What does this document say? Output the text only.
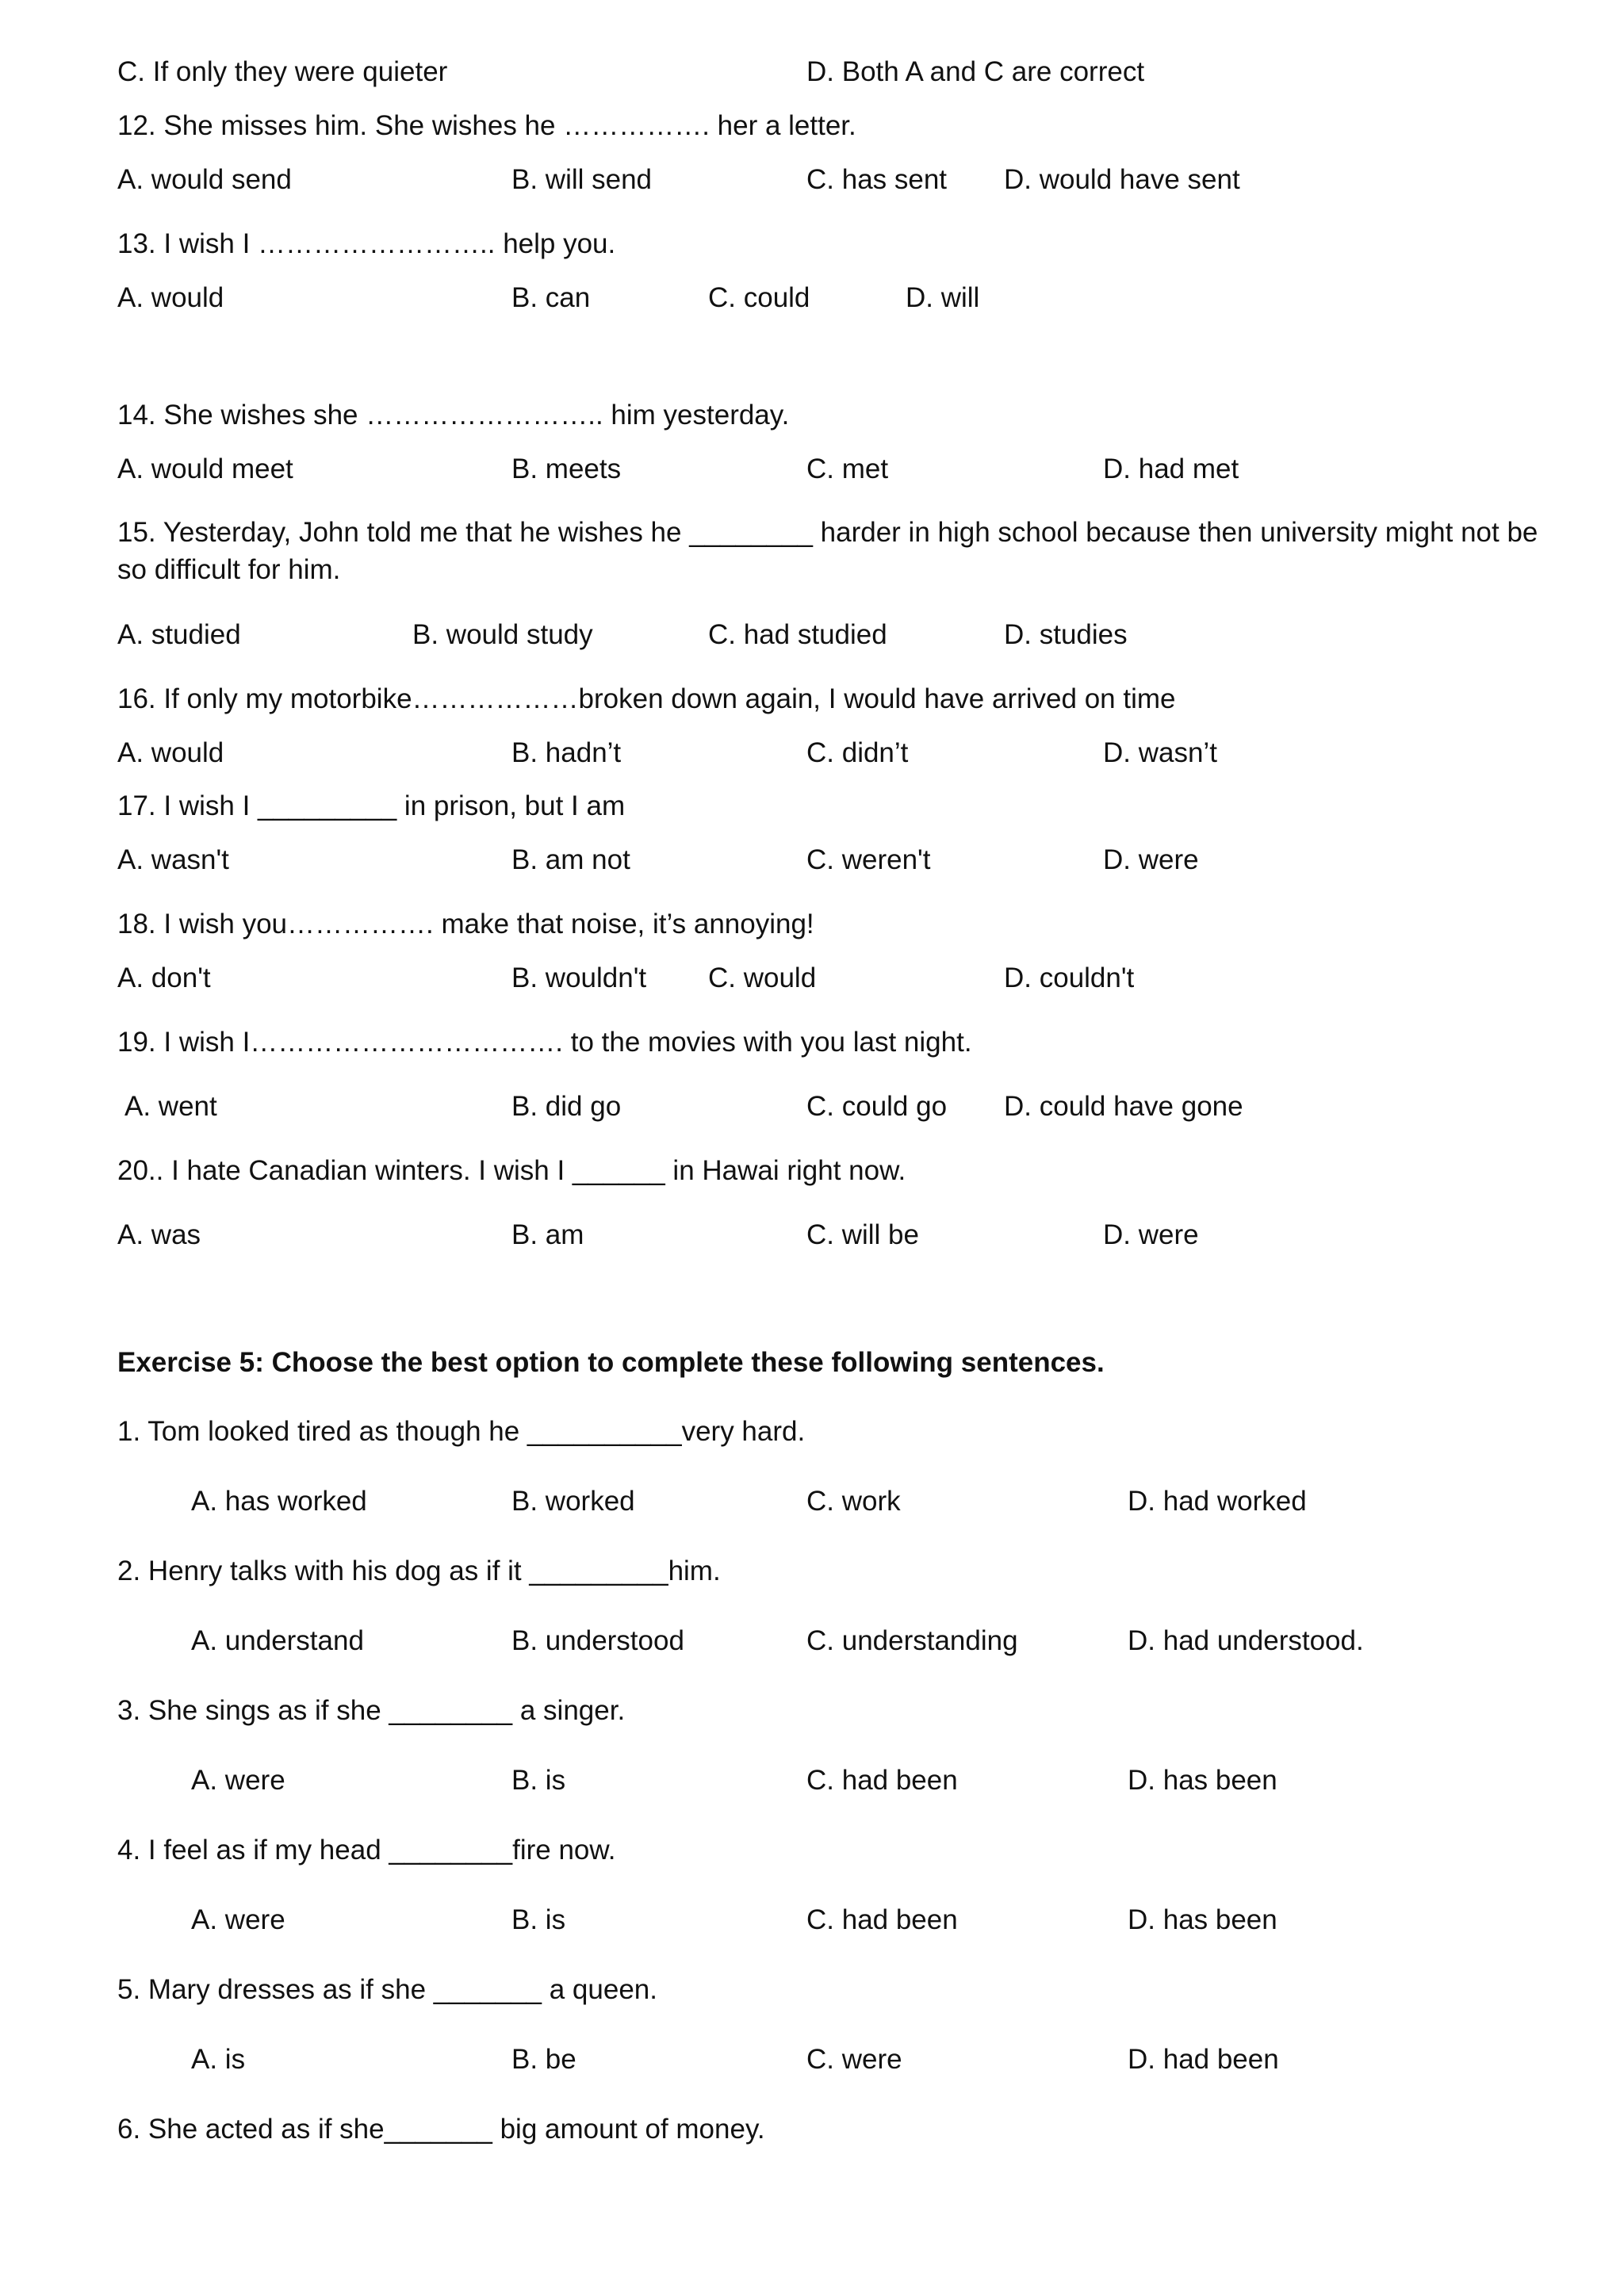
C. If only they were quieter	D. Both A and C are correct
12. She misses him. She wishes he ……………. her a letter.
A. would send	B. will send	C. has sent D. would have sent
13. I wish I …………………….. help you.
A. would	B. can	C. could	D. will
14. She wishes she …………………….. him yesterday.
A. would meet	B. meets	C. met	D. had met
15. Yesterday, John told me that he wishes he ________ harder in high school because then university might not be so difficult for him.
A. studied	B. would study	C. had studied	D. studies
16. If only my motorbike………………broken down again, I would have arrived on time
A. would	B. hadn’t	C. didn’t	D. wasn’t
17. I wish I _________ in prison, but I am
A. wasn't	B. am not	C. weren't	D. were
18. I wish you……………. make that noise, it’s annoying!
A. don't	B. wouldn't C. would	D. couldn't
19. I wish I……………………………. to the movies with you last night.
A. went	B. did go	C. could go D. could have gone
20.. I hate Canadian winters. I wish I ______ in Hawai right now.
A. was	B. am	C. will be	D. were
Exercise 5: Choose the best option to complete these following sentences.
1. Tom looked tired as though he __________very hard.
A. has worked	B. worked	C. work	D. had worked
2. Henry talks with his dog as if it _________him.
A. understand	B. understood	C. understanding	D. had understood.
3. She sings as if she ________ a singer.
A. were	B. is	C. had been	D. has been
4. I feel as if my head ________fire now.
A. were	B. is	C. had been	D. has been
5. Mary dresses as if she _______ a queen.
A. is	B. be	C. were	D. had been
6. She acted as if she_______ big amount of money.
